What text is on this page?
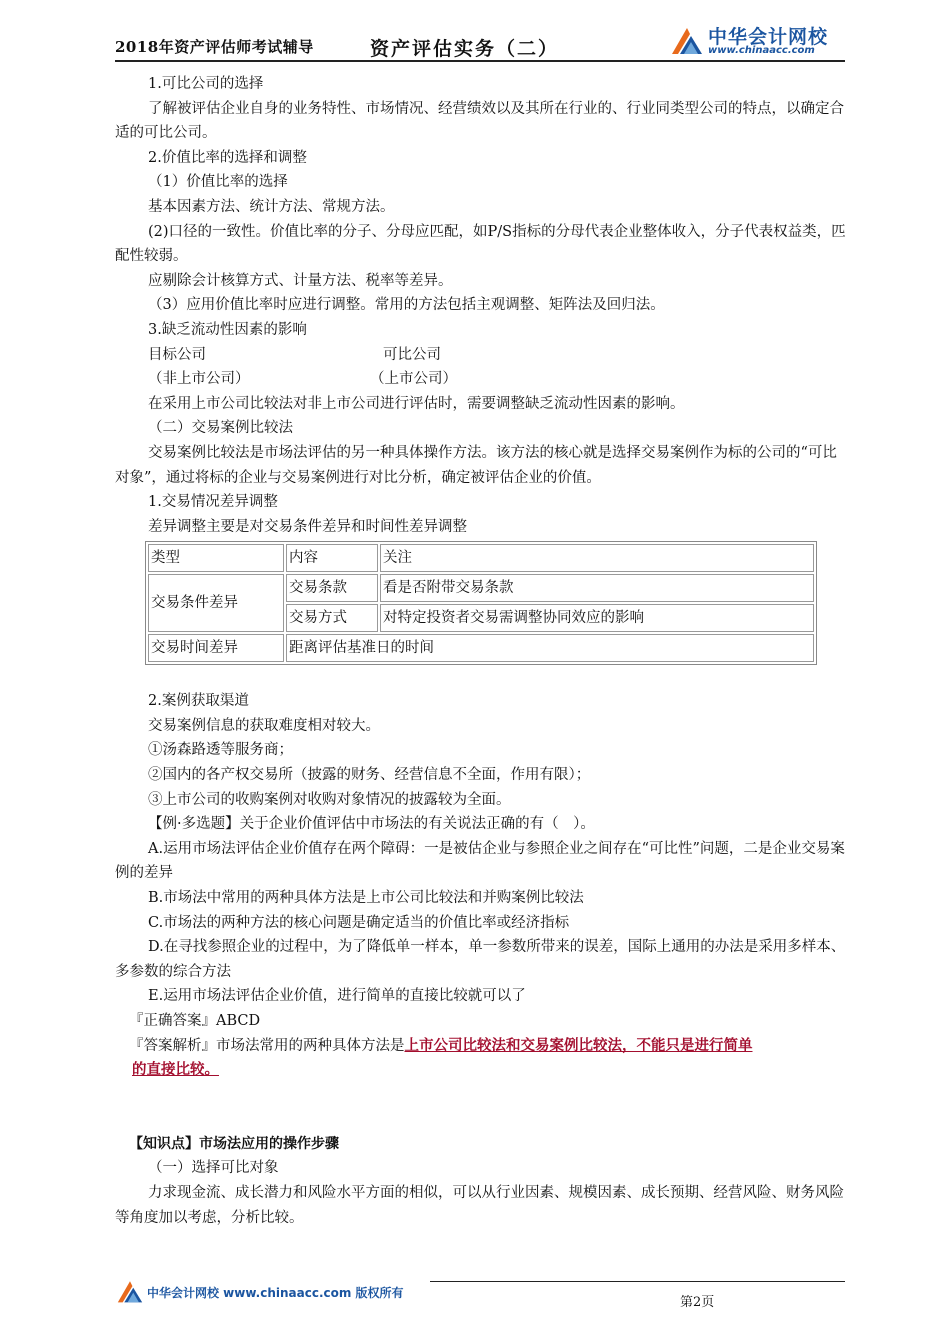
2018年资产评估师考试辅导	资产评估实务（二）
中华会计网校
www.chinaacc.com

1.可比公司的选择

了解被评估企业自身的业务特性、市场情况、经营绩效以及其所在行业的、行业同类型公司的特点，以确定合适的可比公司。

2.价值比率的选择和调整

（1）价值比率的选择

基本因素方法、统计方法、常规方法。

(2)口径的一致性。价值比率的分子、分母应匹配，如P/S指标的分母代表企业整体收入，分子代表权益类，匹配性较弱。

应剔除会计核算方式、计量方法、税率等差异。

（3）应用价值比率时应进行调整。常用的方法包括主观调整、矩阵法及回归法。

3.缺乏流动性因素的影响

目标公司	可比公司
（非上市公司）	（上市公司）

在采用上市公司比较法对非上市公司进行评估时，需要调整缺乏流动性因素的影响。

（二）交易案例比较法

交易案例比较法是市场法评估的另一种具体操作方法。该方法的核心就是选择交易案例作为标的公司的“可比对象”，通过将标的企业与交易案例进行对比分析，确定被评估企业的价值。

1.交易情况差异调整

差异调整主要是对交易条件差异和时间性差异调整

类型	内容	关注
交易条件差异	交易条款	看是否附带交易条款
	交易方式	对特定投资者交易需调整协同效应的影响
交易时间差异	距离评估基准日的时间	

2.案例获取渠道

交易案例信息的获取难度相对较大。

①汤森路透等服务商；

②国内的各产权交易所（披露的财务、经营信息不全面，作用有限）；

③上市公司的收购案例对收购对象情况的披露较为全面。

【例·多选题】关于企业价值评估中市场法的有关说法正确的有（　）。

A.运用市场法评估企业价值存在两个障碍：一是被估企业与参照企业之间存在“可比性”问题，二是企业交易案例的差异

B.市场法中常用的两种具体方法是上市公司比较法和并购案例比较法

C.市场法的两种方法的核心问题是确定适当的价值比率或经济指标

D.在寻找参照企业的过程中，为了降低单一样本，单一参数所带来的误差，国际上通用的办法是采用多样本、多参数的综合方法

E.运用市场法评估企业价值，进行简单的直接比较就可以了

『正确答案』ABCD

『答案解析』市场法常用的两种具体方法是上市公司比较法和交易案例比较法，不能只是进行简单

的直接比较。

【知识点】市场法应用的操作步骤

（一）选择可比对象

力求现金流、成长潜力和风险水平方面的相似，可以从行业因素、规模因素、成长预期、经营风险、财务风险等角度加以考虑，分析比较。

中华会计网校 www.chinaacc.com 版权所有
第2页
